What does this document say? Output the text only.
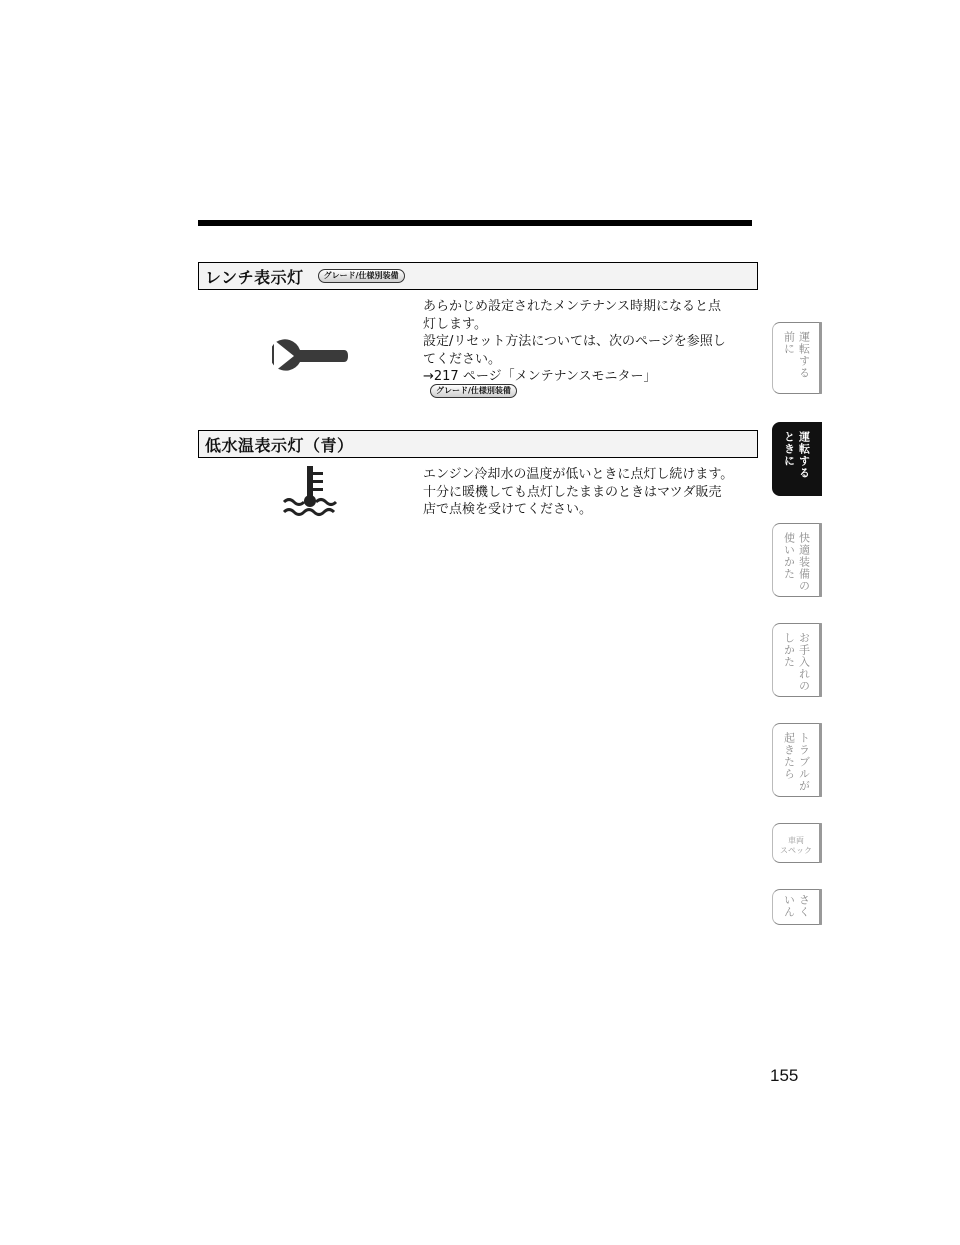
レンチ表示灯	グレード/仕様別装備

あらかじめ設定されたメンテナンス時期になると点

灯します。

設定/リセット方法については、次のページを参照し

てください。

→217 ページ「メンテナンスモニター」

グレード/仕様別装備
低水温表示灯（青）

エンジン冷却水の温度が低いときに点灯し続けます。

十分に暖機しても点灯したままのときはマツダ販売

店で点検を受けてください。

運転する
前に
運転する
ときに
快適装備の
使いかた
お手入れの
しかた
トラブルが
起きたら
車両
スペック
さく
いん
155
